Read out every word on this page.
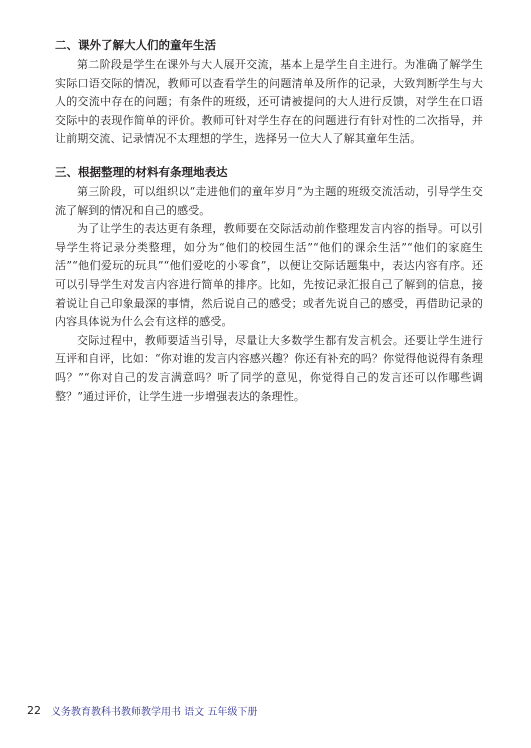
二、课外了解大人们的童年生活

第二阶段是学生在课外与大人展开交流，基本上是学生自主进行。为准确了解学生实际口语交际的情况，教师可以查看学生的问题清单及所作的记录，大致判断学生与大人的交流中存在的问题；有条件的班级，还可请被提问的大人进行反馈，对学生在口语交际中的表现作简单的评价。教师可针对学生存在的问题进行有针对性的二次指导，并让前期交流、记录情况不太理想的学生，选择另一位大人了解其童年生活。

三、根据整理的材料有条理地表达

第三阶段，可以组织以“走进他们的童年岁月”为主题的班级交流活动，引导学生交流了解到的情况和自己的感受。

为了让学生的表达更有条理，教师要在交际活动前作整理发言内容的指导。可以引导学生将记录分类整理，如分为“他们的校园生活”“他们的课余生活”“他们的家庭生活”“他们爱玩的玩具”“他们爱吃的小零食”，以便让交际话题集中，表达内容有序。还可以引导学生对发言内容进行简单的排序。比如，先按记录汇报自己了解到的信息，接着说让自己印象最深的事情，然后说自己的感受；或者先说自己的感受，再借助记录的内容具体说为什么会有这样的感受。

交际过程中，教师要适当引导，尽量让大多数学生都有发言机会。还要让学生进行互评和自评，比如：“你对谁的发言内容感兴趣？你还有补充的吗？你觉得他说得有条理吗？”“你对自己的发言满意吗？听了同学的意见，你觉得自己的发言还可以作哪些调整？”通过评价，让学生进一步增强表达的条理性。

22 义务教育教科书教师教学用书 语文 五年级下册
